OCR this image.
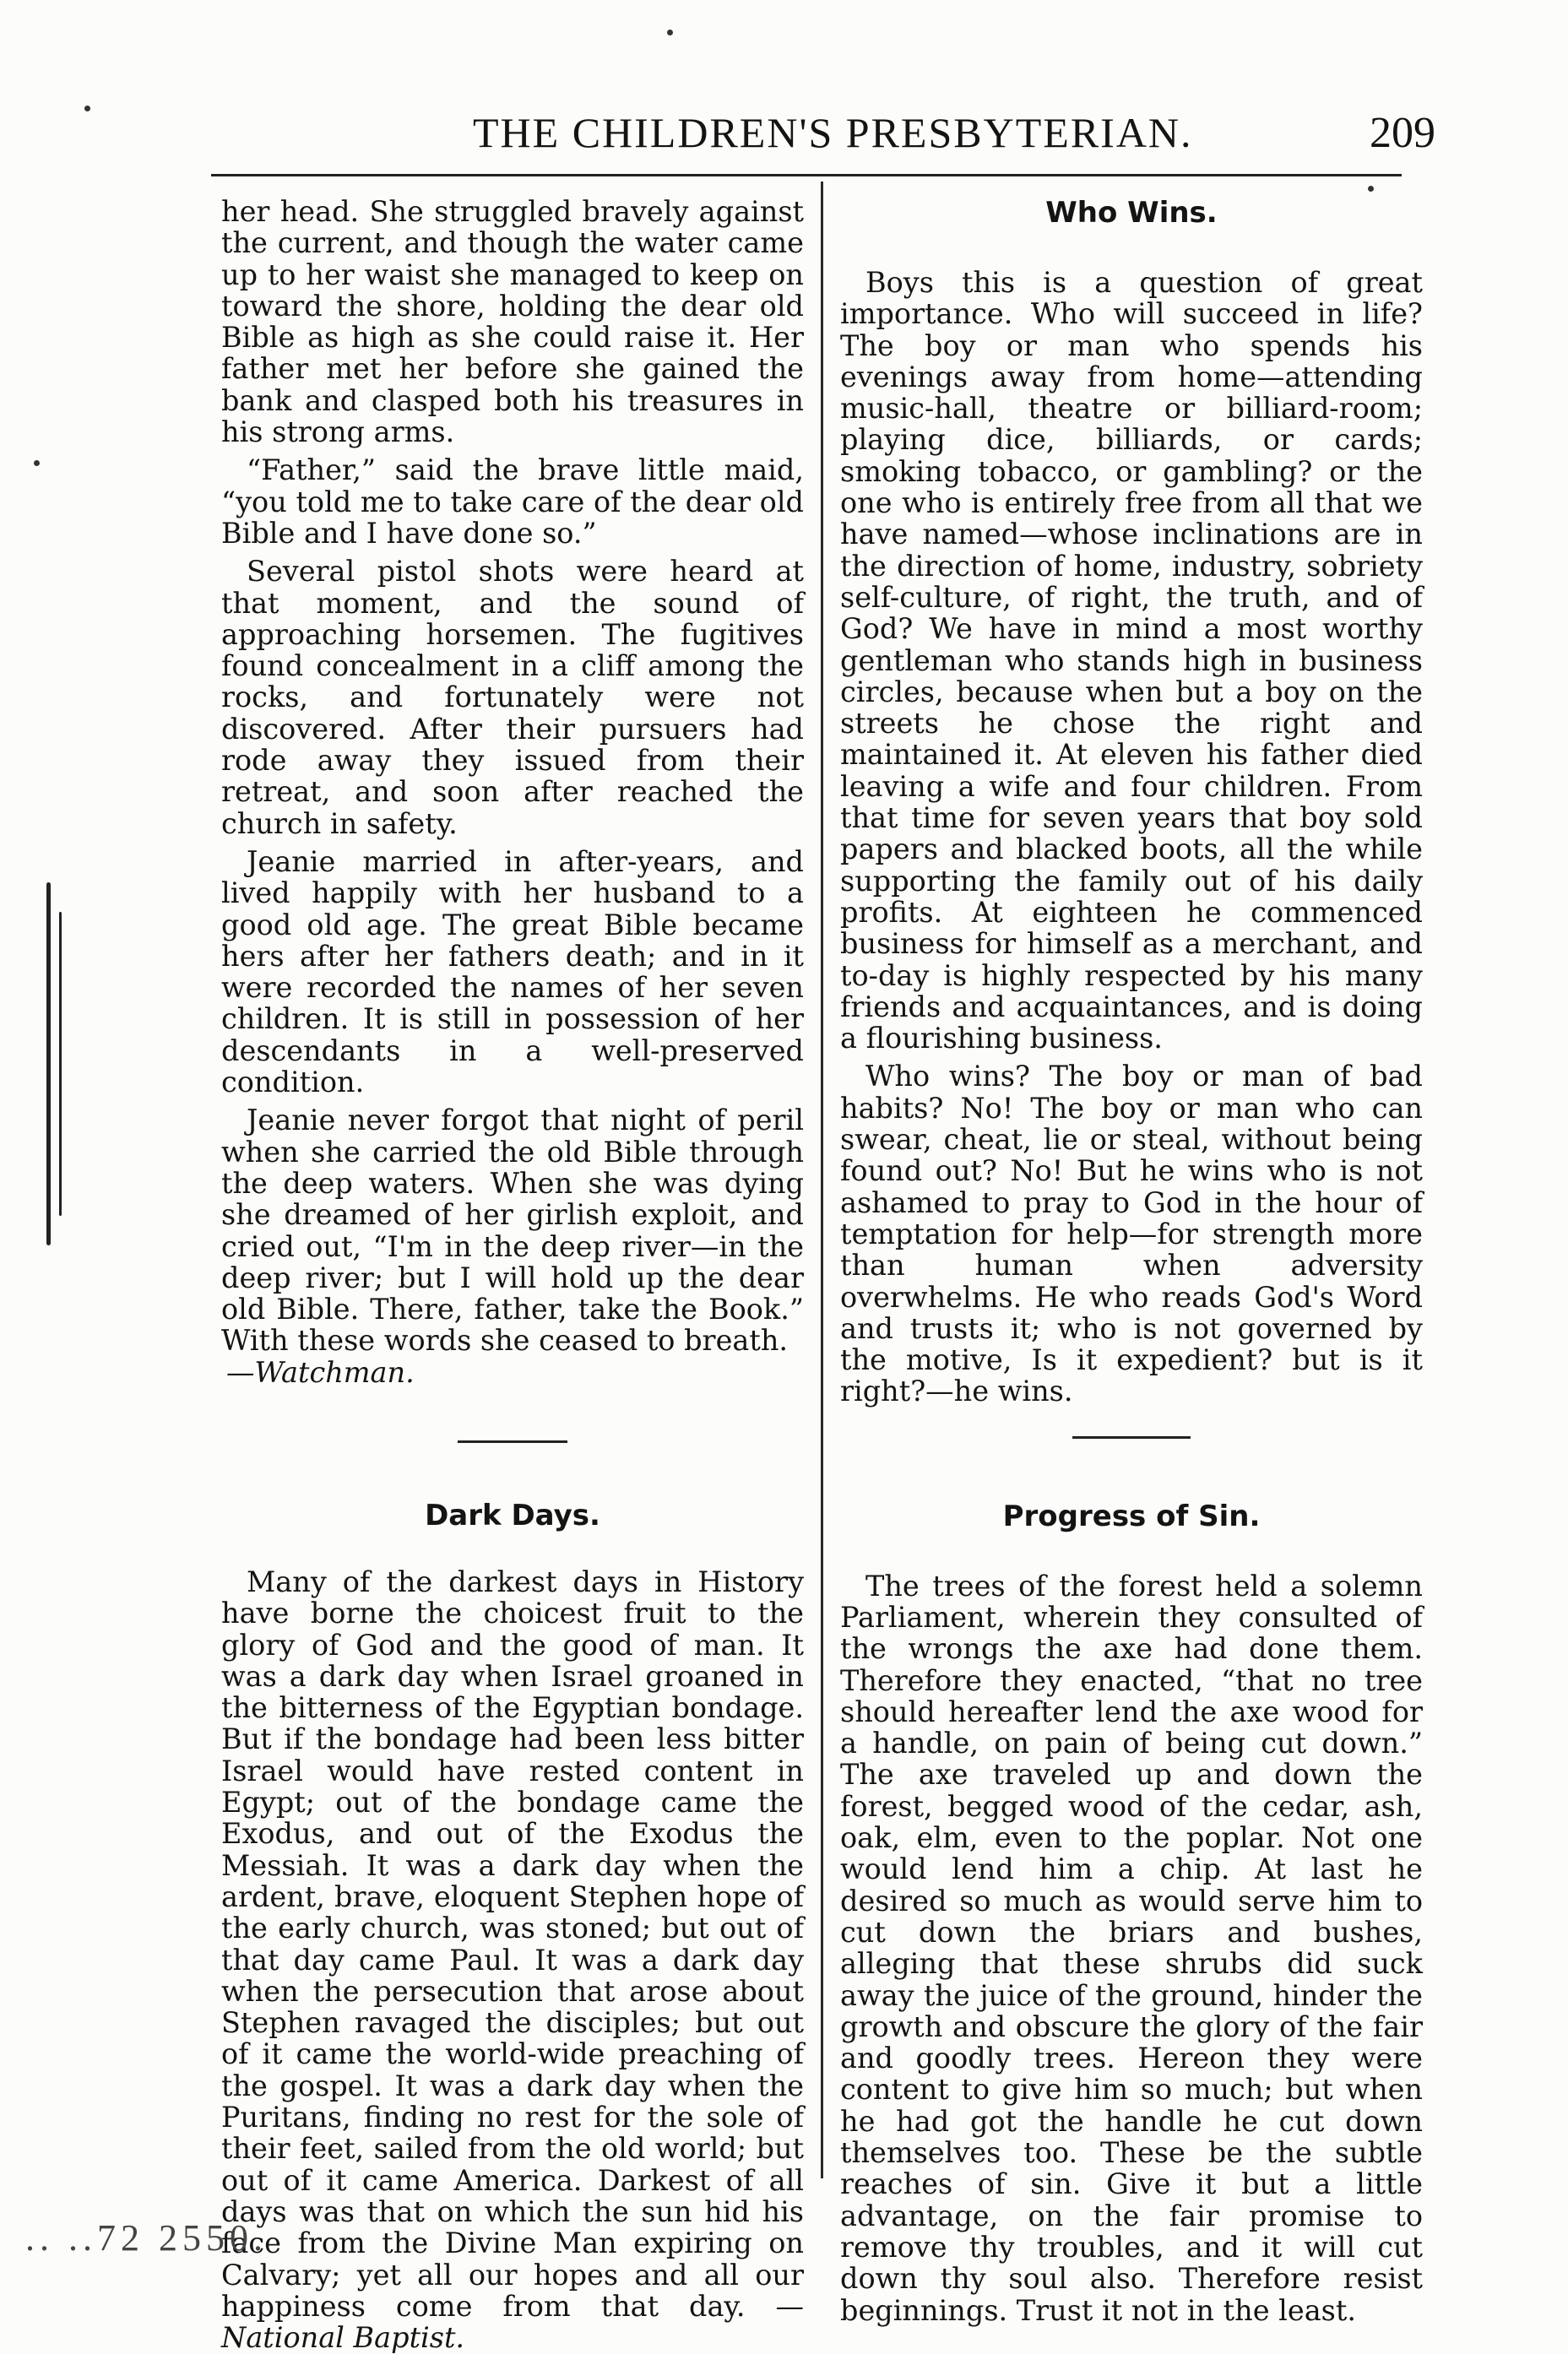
THE CHILDREN'S PRESBYTERIAN.	209

her head. She struggled bravely against the current, and though the water came up to her waist she managed to keep on toward the shore, holding the dear old Bible as high as she could raise it. Her father met her before she gained the bank and clasped both his treasures in his strong arms.

“Father,” said the brave little maid, “you told me to take care of the dear old Bible and I have done so.”

Several pistol shots were heard at that moment, and the sound of approaching horsemen. The fugitives found concealment in a cliff among the rocks, and fortunately were not discovered. After their pursuers had rode away they issued from their retreat, and soon after reached the church in safety.

Jeanie married in after-years, and lived happily with her husband to a good old age. The great Bible became hers after her fathers death; and in it were recorded the names of her seven children. It is still in possession of her descendants in a well-preserved condition.

Jeanie never forgot that night of peril when she carried the old Bible through the deep waters. When she was dying she dreamed of her girlish exploit, and cried out, “I'm in the deep river—in the deep river; but I will hold up the dear old Bible. There, father, take the Book.” With these words she ceased to breath.

—Watchman.

Dark Days.

Many of the darkest days in History have borne the choicest fruit to the glory of God and the good of man. It was a dark day when Israel groaned in the bitterness of the Egyptian bondage. But if the bondage had been less bitter Israel would have rested content in Egypt; out of the bondage came the Exodus, and out of the Exodus the Messiah. It was a dark day when the ardent, brave, eloquent Stephen hope of the early church, was stoned; but out of that day came Paul. It was a dark day when the persecution that arose about Stephen ravaged the disciples; but out of it came the world-wide preaching of the gospel. It was a dark day when the Puritans, finding no rest for the sole of their feet, sailed from the old world; but out of it came America. Darkest of all days was that on which the sun hid his face from the Divine Man expiring on Calvary; yet all our hopes and all our happiness come from that day. —National Baptist.

Who Wins.

Boys this is a question of great importance. Who will succeed in life? The boy or man who spends his evenings away from home—attending music-hall, theatre or billiard-room; playing dice, billiards, or cards; smoking tobacco, or gambling? or the one who is entirely free from all that we have named—whose inclinations are in the direction of home, industry, sobriety self-culture, of right, the truth, and of God? We have in mind a most worthy gentleman who stands high in business circles, because when but a boy on the streets he chose the right and maintained it. At eleven his father died leaving a wife and four children. From that time for seven years that boy sold papers and blacked boots, all the while supporting the family out of his daily profits. At eighteen he commenced business for himself as a merchant, and to-day is highly respected by his many friends and acquaintances, and is doing a flourishing business.

Who wins? The boy or man of bad habits? No! The boy or man who can swear, cheat, lie or steal, without being found out? No! But he wins who is not ashamed to pray to God in the hour of temptation for help—for strength more than human when adversity overwhelms. He who reads God's Word and trusts it; who is not governed by the motive, Is it expedient? but is it right?—he wins.

Progress of Sin.

The trees of the forest held a solemn Parliament, wherein they consulted of the wrongs the axe had done them. Therefore they enacted, “that no tree should hereafter lend the axe wood for a handle, on pain of being cut down.” The axe traveled up and down the forest, begged wood of the cedar, ash, oak, elm, even to the poplar. Not one would lend him a chip. At last he desired so much as would serve him to cut down the briars and bushes, alleging that these shrubs did suck away the juice of the ground, hinder the growth and obscure the glory of the fair and goodly trees. Hereon they were content to give him so much; but when he had got the handle he cut down themselves too. These be the subtle reaches of sin. Give it but a little advantage, on the fair promise to remove thy troubles, and it will cut down thy soul also. Therefore resist beginnings. Trust it not in the least.

.. ..72 2550.
